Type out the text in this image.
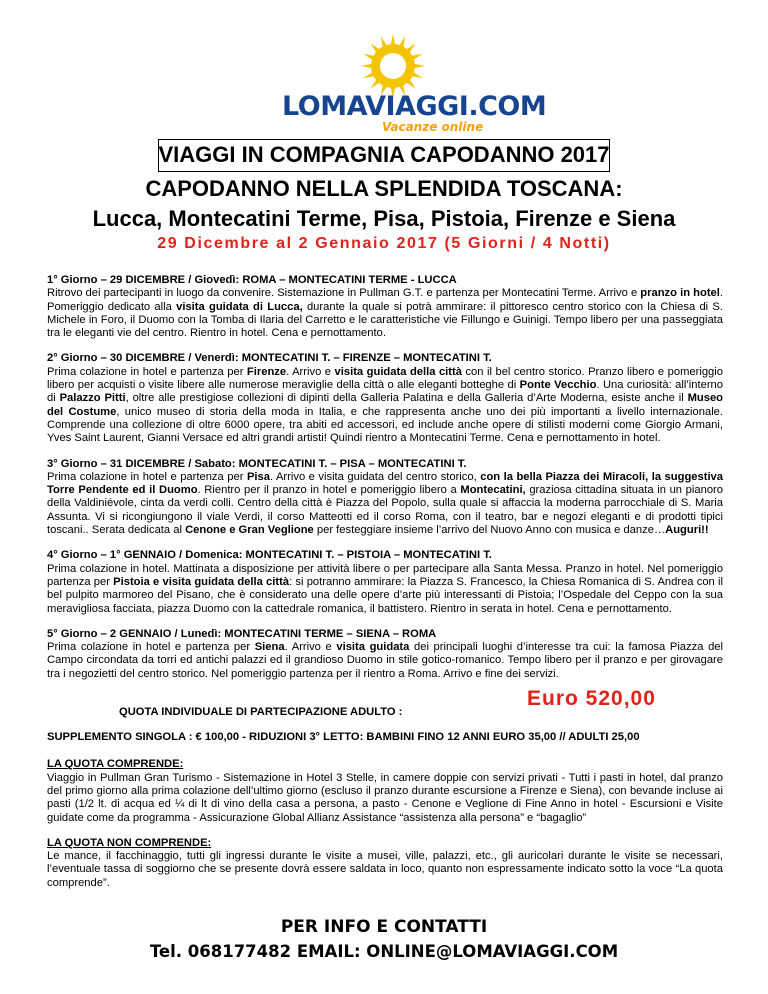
LOMAVIAGGI.COM
Vacanze online
VIAGGI IN COMPAGNIA CAPODANNO 2017
CAPODANNO NELLA SPLENDIDA TOSCANA:
Lucca, Montecatini Terme, Pisa, Pistoia, Firenze e Siena
29 Dicembre al 2 Gennaio 2017 (5 Giorni / 4 Notti)
1° Giorno – 29 DICEMBRE / Giovedì: ROMA – MONTECATINI TERME - LUCCA
Ritrovo dei partecipanti in luogo da convenire. Sistemazione in Pullman G.T. e partenza per Montecatini Terme. Arrivo e pranzo in hotel. Pomeriggio dedicato alla visita guidata di Lucca, durante la quale si potrà ammirare: il pittoresco centro storico con la Chiesa di S. Michele in Foro, il Duomo con la Tomba di Ilaria del Carretto e le caratteristiche vie Fillungo e Guinigi. Tempo libero per una passeggiata tra le eleganti vie del centro. Rientro in hotel. Cena e pernottamento.
2° Giorno – 30 DICEMBRE / Venerdì: MONTECATINI T. – FIRENZE – MONTECATINI T.
Prima colazione in hotel e partenza per Firenze. Arrivo e visita guidata della città con il bel centro storico. Pranzo libero e pomeriggio libero per acquisti o visite libere alle numerose meraviglie della città o alle eleganti botteghe di Ponte Vecchio. Una curiosità: all’interno di Palazzo Pitti, oltre alle prestigiose collezioni di dipinti della Galleria Palatina e della Galleria d’Arte Moderna, esiste anche il Museo del Costume, unico museo di storia della moda in Italia, e che rappresenta anche uno dei più importanti a livello internazionale. Comprende una collezione di oltre 6000 opere, tra abiti ed accessori, ed include anche opere di stilisti moderni come Giorgio Armani, Yves Saint Laurent, Gianni Versace ed altri grandi artisti! Quindi rientro a Montecatini Terme. Cena e pernottamento in hotel.
3° Giorno – 31 DICEMBRE / Sabato: MONTECATINI T. – PISA – MONTECATINI T.
Prima colazione in hotel e partenza per Pisa. Arrivo e visita guidata del centro storico, con la bella Piazza dei Miracoli, la suggestiva Torre Pendente ed il Duomo. Rientro per il pranzo in hotel e pomeriggio libero a Montecatini, graziosa cittadina situata in un pianoro della Valdiniévole, cinta da verdi colli. Centro della città è Piazza del Popolo, sulla quale si affaccia la moderna parrocchiale di S. Maria Assunta. Vi si ricongiungono il viale Verdi, il corso Matteotti ed il corso Roma, con il teatro, bar e negozi eleganti e di prodotti tipici toscani.. Serata dedicata al Cenone e Gran Veglione per festeggiare insieme l’arrivo del Nuovo Anno con musica e danze…Auguri!!
4° Giorno – 1° GENNAIO / Domenica: MONTECATINI T. – PISTOIA – MONTECATINI T.
Prima colazione in hotel. Mattinata a disposizione per attività libere o per partecipare alla Santa Messa. Pranzo in hotel. Nel pomeriggio partenza per Pistoia e visita guidata della città: si potranno ammirare: la Piazza S. Francesco, la Chiesa Romanica di S. Andrea con il bel pulpito marmoreo del Pisano, che è considerato una delle opere d’arte più interessanti di Pistoia; l’Ospedale del Ceppo con la sua meravigliosa facciata, piazza Duomo con la cattedrale romanica, il battistero. Rientro in serata in hotel. Cena e pernottamento.
5° Giorno – 2 GENNAIO / Lunedì: MONTECATINI TERME – SIENA – ROMA
Prima colazione in hotel e partenza per Siena. Arrivo e visita guidata dei principali luoghi d’interesse tra cui: la famosa Piazza del Campo circondata da torri ed antichi palazzi ed il grandioso Duomo in stile gotico-romanico. Tempo libero per il pranzo e per girovagare tra i negozietti del centro storico. Nel pomeriggio partenza per il rientro a Roma. Arrivo e fine dei servizi.
QUOTA INDIVIDUALE DI PARTECIPAZIONE ADULTO :
Euro 520,00
SUPPLEMENTO SINGOLA : € 100,00 - RIDUZIONI 3° LETTO: BAMBINI FINO 12 ANNI EURO 35,00 // ADULTI 25,00
LA QUOTA COMPRENDE:
Viaggio in Pullman Gran Turismo - Sistemazione in Hotel 3 Stelle, in camere doppie con servizi privati - Tutti i pasti in hotel, dal pranzo del primo giorno alla prima colazione dell’ultimo giorno (escluso il pranzo durante escursione a Firenze e Siena), con bevande incluse ai pasti (1/2 lt. di acqua ed ¼ di lt di vino della casa a persona, a pasto - Cenone e Veglione di Fine Anno in hotel - Escursioni e Visite guidate come da programma - Assicurazione Global Allianz Assistance “assistenza alla persona” e “bagaglio”
LA QUOTA NON COMPRENDE:
Le mance, il facchinaggio, tutti gli ingressi durante le visite a musei, ville, palazzi, etc., gli auricolari durante le visite se necessari, l’eventuale tassa di soggiorno che se presente dovrà essere saldata in loco, quanto non espressamente indicato sotto la voce “La quota comprende”.
PER INFO E CONTATTI
Tel. 068177482 EMAIL: ONLINE@LOMAVIAGGI.COM
